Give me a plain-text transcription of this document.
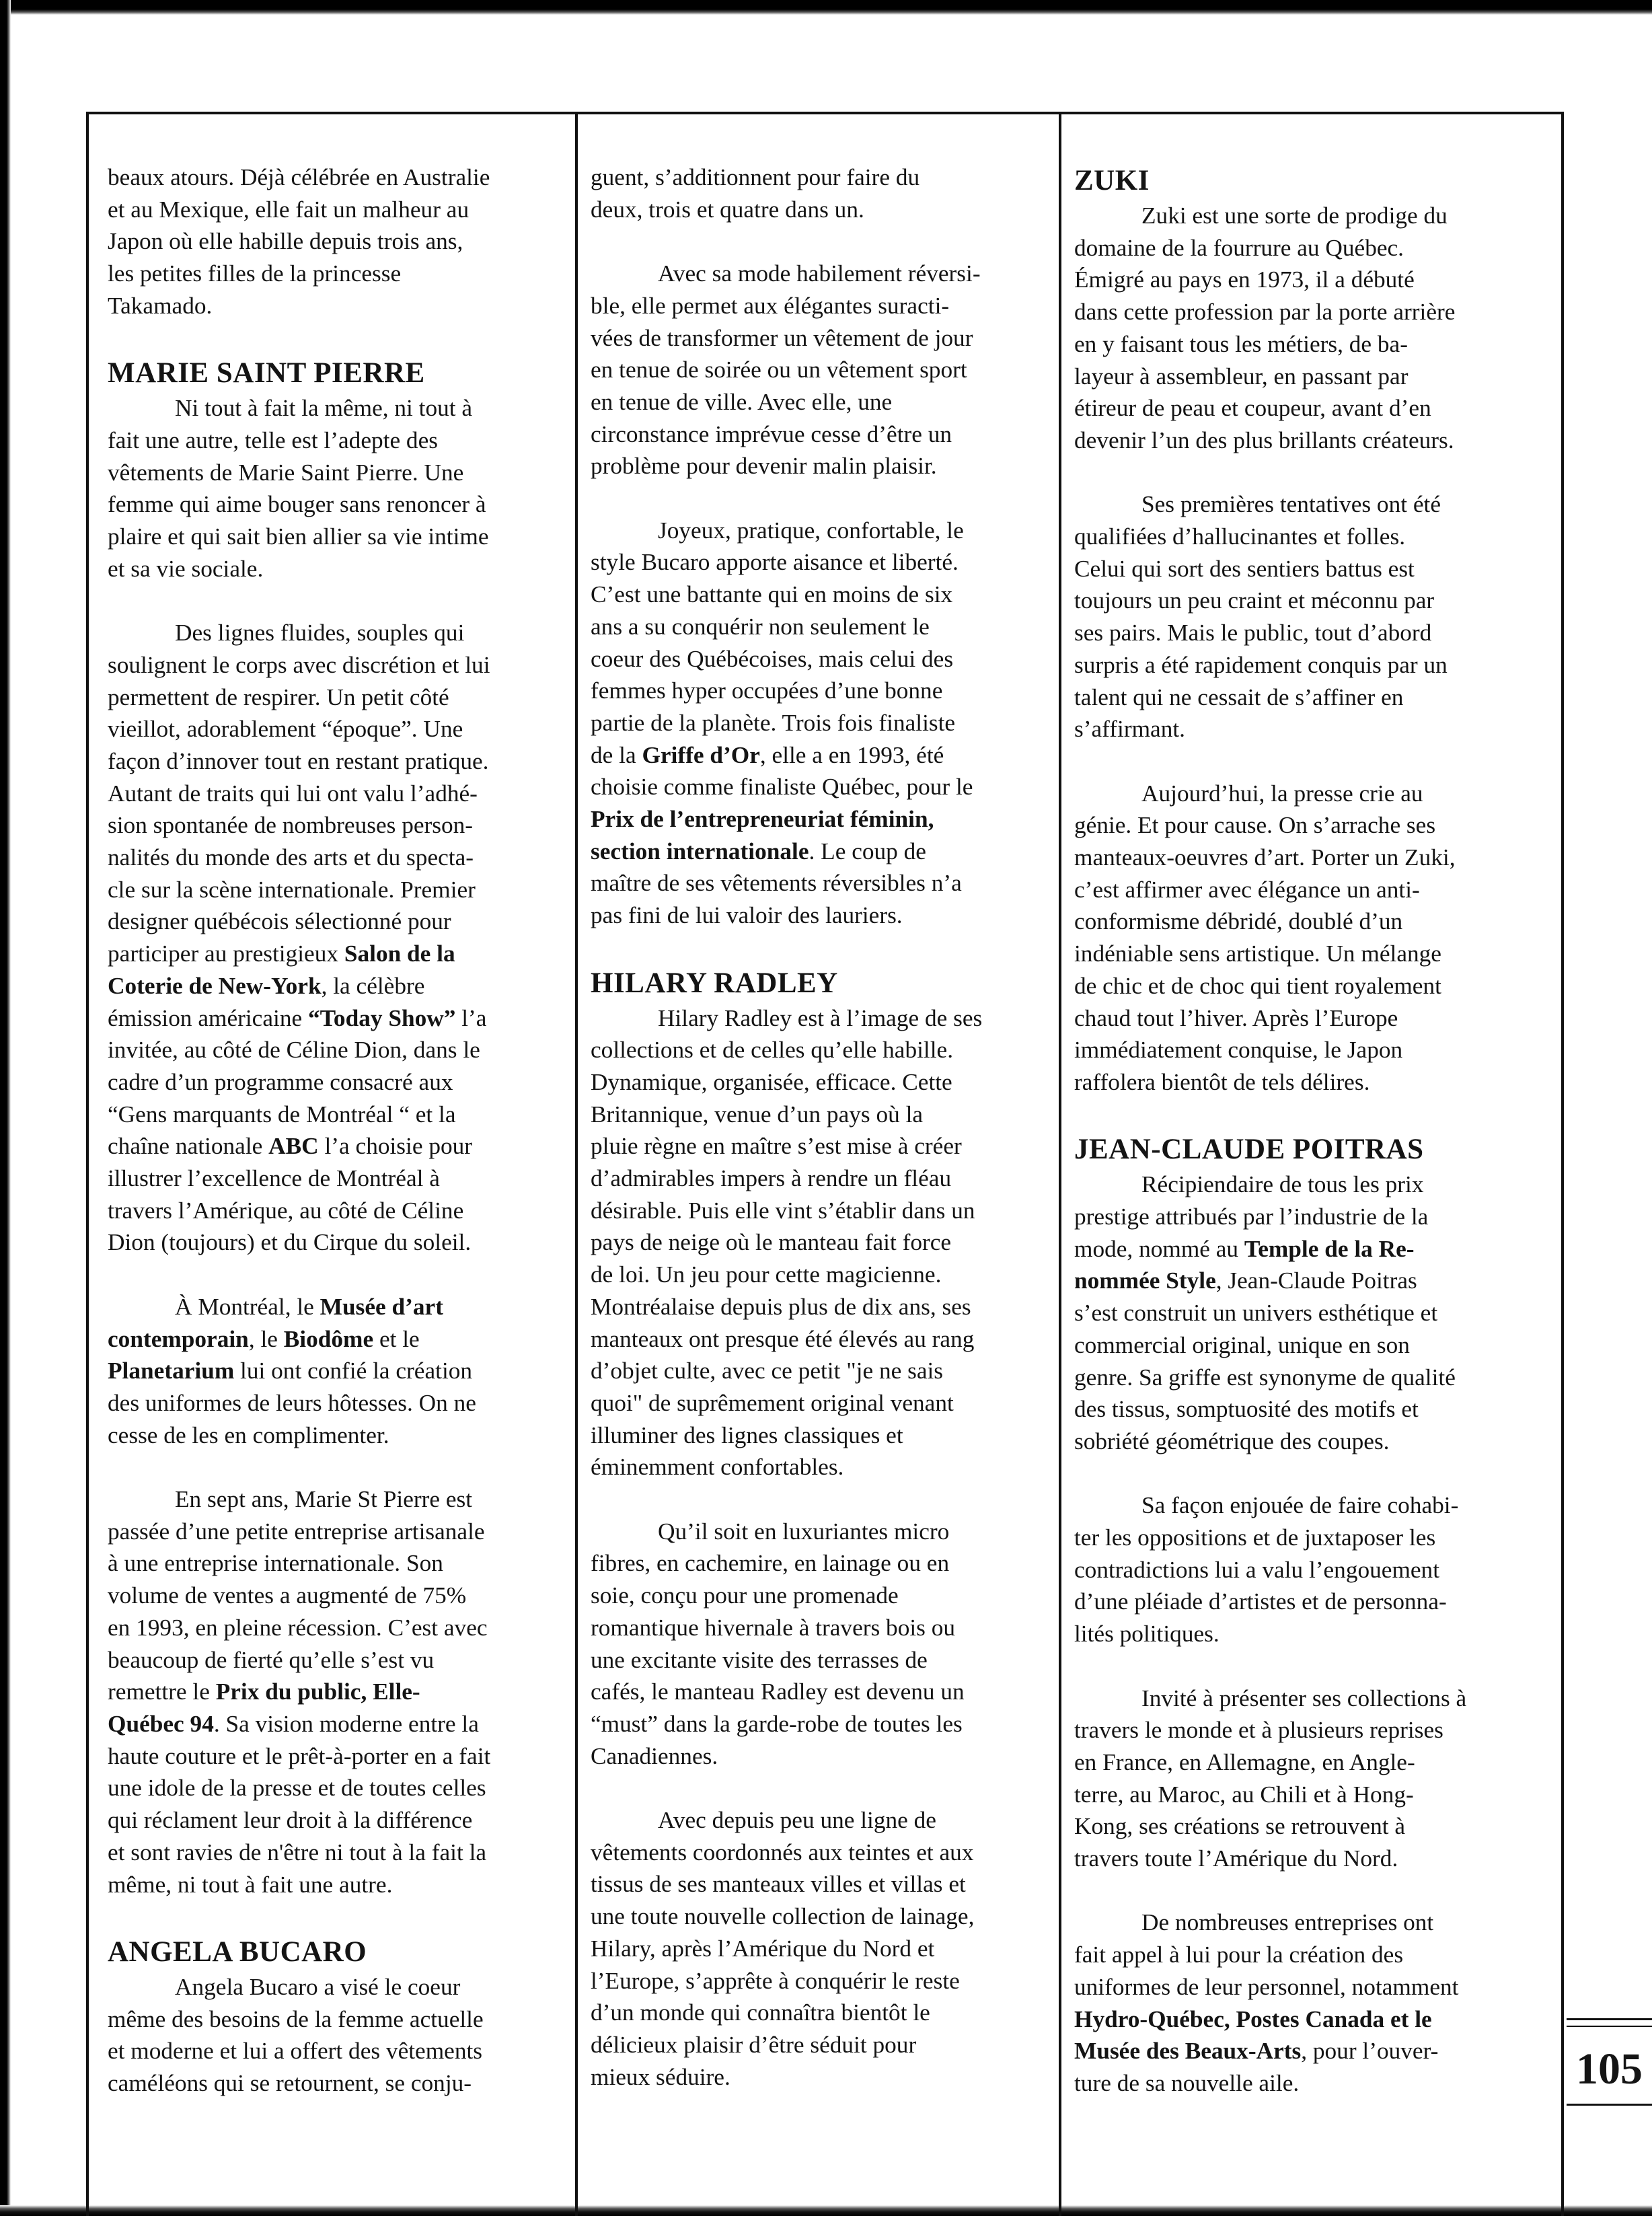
beaux atours. Déjà célébrée en Australie
et au Mexique, elle fait un malheur au
Japon où elle habille depuis trois ans,
les petites filles de la princesse
Takamado.

MARIE SAINT PIERRE

Ni tout à fait la même, ni tout à
fait une autre, telle est l’adepte des
vêtements de Marie Saint Pierre. Une
femme qui aime bouger sans renoncer à
plaire et qui sait bien allier sa vie intime
et sa vie sociale.

Des lignes fluides, souples qui
soulignent le corps avec discrétion et lui
permettent de respirer. Un petit côté
vieillot, adorablement “époque”. Une
façon d’innover tout en restant pratique.
Autant de traits qui lui ont valu l’adhé-
sion spontanée de nombreuses person-
nalités du monde des arts et du specta-
cle sur la scène internationale. Premier
designer québécois sélectionné pour
participer au prestigieux Salon de la
Coterie de New-York, la célèbre
émission américaine “Today Show” l’a
invitée, au côté de Céline Dion, dans le
cadre d’un programme consacré aux
“Gens marquants de Montréal “ et la
chaîne nationale ABC l’a choisie pour
illustrer l’excellence de Montréal à
travers l’Amérique, au côté de Céline
Dion (toujours) et du Cirque du soleil.

À Montréal, le Musée d’art
contemporain, le Biodôme et le
Planetarium lui ont confié la création
des uniformes de leurs hôtesses. On ne
cesse de les en complimenter.

En sept ans, Marie St Pierre est
passée d’une petite entreprise artisanale
à une entreprise internationale. Son
volume de ventes a augmenté de 75%
en 1993, en pleine récession. C’est avec
beaucoup de fierté qu’elle s’est vu
remettre le Prix du public, Elle-
Québec 94. Sa vision moderne entre la
haute couture et le prêt-à-porter en a fait
une idole de la presse et de toutes celles
qui réclament leur droit à la différence
et sont ravies de n'être ni tout à la fait la
même, ni tout à fait une autre.

ANGELA BUCARO

Angela Bucaro a visé le coeur
même des besoins de la femme actuelle
et moderne et lui a offert des vêtements
caméléons qui se retournent, se conju-

guent, s’additionnent pour faire du
deux, trois et quatre dans un.

Avec sa mode habilement réversi-
ble, elle permet aux élégantes suracti-
vées de transformer un vêtement de jour
en tenue de soirée ou un vêtement sport
en tenue de ville. Avec elle, une
circonstance imprévue cesse d’être un
problème pour devenir malin plaisir.

Joyeux, pratique, confortable, le
style Bucaro apporte aisance et liberté.
C’est une battante qui en moins de six
ans a su conquérir non seulement le
coeur des Québécoises, mais celui des
femmes hyper occupées d’une bonne
partie de la planète. Trois fois finaliste
de la Griffe d’Or, elle a en 1993, été
choisie comme finaliste Québec, pour le
Prix de l’entrepreneuriat féminin,
section internationale. Le coup de
maître de ses vêtements réversibles n’a
pas fini de lui valoir des lauriers.

HILARY RADLEY

Hilary Radley est à l’image de ses
collections et de celles qu’elle habille.
Dynamique, organisée, efficace. Cette
Britannique, venue d’un pays où la
pluie règne en maître s’est mise à créer
d’admirables impers à rendre un fléau
désirable. Puis elle vint s’établir dans un
pays de neige où le manteau fait force
de loi. Un jeu pour cette magicienne.
Montréalaise depuis plus de dix ans, ses
manteaux ont presque été élevés au rang
d’objet culte, avec ce petit "je ne sais
quoi" de suprêmement original venant
illuminer des lignes classiques et
éminemment confortables.

Qu’il soit en luxuriantes micro
fibres, en cachemire, en lainage ou en
soie, conçu pour une promenade
romantique hivernale à travers bois ou
une excitante visite des terrasses de
cafés, le manteau Radley est devenu un
“must” dans la garde-robe de toutes les
Canadiennes.

Avec depuis peu une ligne de
vêtements coordonnés aux teintes et aux
tissus de ses manteaux villes et villas et
une toute nouvelle collection de lainage,
Hilary, après l’Amérique du Nord et
l’Europe, s’apprête à conquérir le reste
d’un monde qui connaîtra bientôt le
délicieux plaisir d’être séduit pour
mieux séduire.

ZUKI

Zuki est une sorte de prodige du
domaine de la fourrure au Québec.
Émigré au pays en 1973, il a débuté
dans cette profession par la porte arrière
en y faisant tous les métiers, de ba-
layeur à assembleur, en passant par
étireur de peau et coupeur, avant d’en
devenir l’un des plus brillants créateurs.

Ses premières tentatives ont été
qualifiées d’hallucinantes et folles.
Celui qui sort des sentiers battus est
toujours un peu craint et méconnu par
ses pairs. Mais le public, tout d’abord
surpris a été rapidement conquis par un
talent qui ne cessait de s’affiner en
s’affirmant.

Aujourd’hui, la presse crie au
génie. Et pour cause. On s’arrache ses
manteaux-oeuvres d’art. Porter un Zuki,
c’est affirmer avec élégance un anti-
conformisme débridé, doublé d’un
indéniable sens artistique. Un mélange
de chic et de choc qui tient royalement
chaud tout l’hiver. Après l’Europe
immédiatement conquise, le Japon
raffolera bientôt de tels délires.

JEAN-CLAUDE POITRAS

Récipiendaire de tous les prix
prestige attribués par l’industrie de la
mode, nommé au Temple de la Re-
nommée Style, Jean-Claude Poitras
s’est construit un univers esthétique et
commercial original, unique en son
genre. Sa griffe est synonyme de qualité
des tissus, somptuosité des motifs et
sobriété géométrique des coupes.

Sa façon enjouée de faire cohabi-
ter les oppositions et de juxtaposer les
contradictions lui a valu l’engouement
d’une pléiade d’artistes et de personna-
lités politiques.

Invité à présenter ses collections à
travers le monde et à plusieurs reprises
en France, en Allemagne, en Angle-
terre, au Maroc, au Chili et à Hong-
Kong, ses créations se retrouvent à
travers toute l’Amérique du Nord.

De nombreuses entreprises ont
fait appel à lui pour la création des
uniformes de leur personnel, notamment
Hydro-Québec, Postes Canada et le
Musée des Beaux-Arts, pour l’ouver-
ture de sa nouvelle aile.	105
